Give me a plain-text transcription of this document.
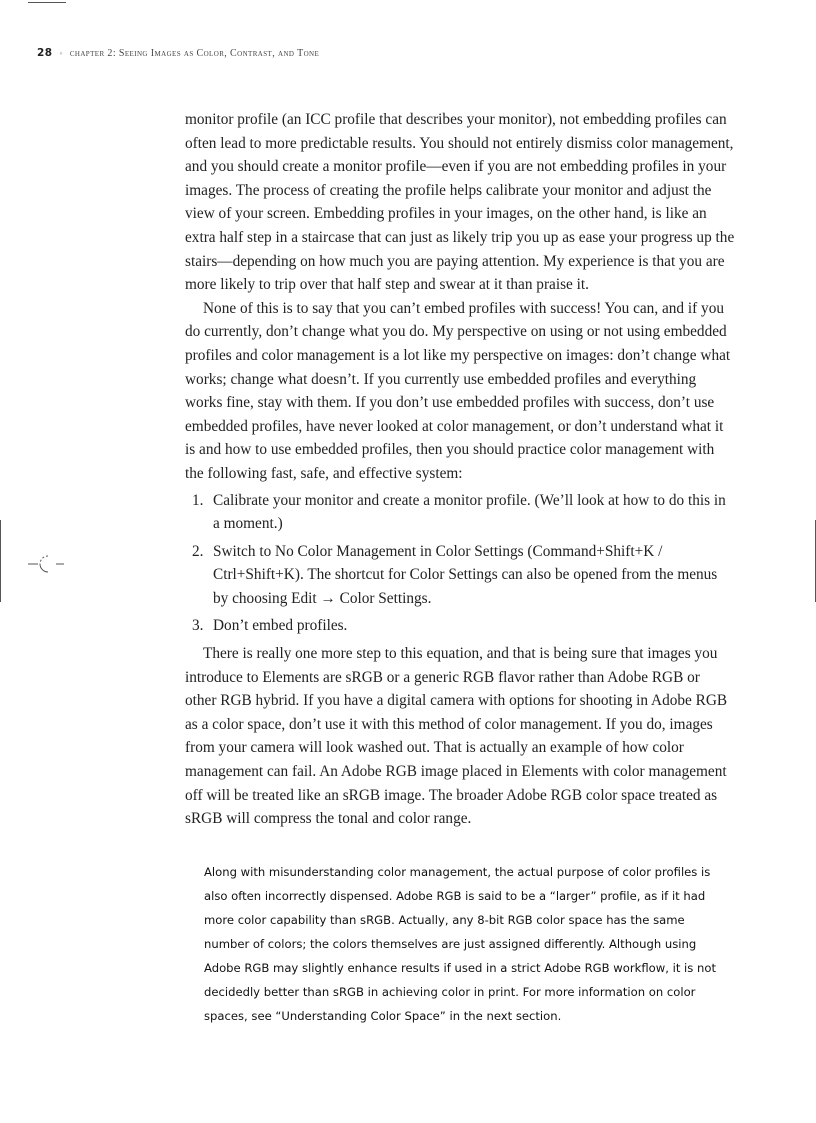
28 ◦ chapter 2: Seeing Images as Color, Contrast, and Tone

monitor profile (an ICC profile that describes your monitor), not embedding profiles can often lead to more predictable results. You should not entirely dismiss color management, and you should create a monitor profile—even if you are not embedding profiles in your images. The process of creating the profile helps calibrate your monitor and adjust the view of your screen. Embedding profiles in your images, on the other hand, is like an extra half step in a staircase that can just as likely trip you up as ease your progress up the stairs—depending on how much you are paying attention. My experience is that you are more likely to trip over that half step and swear at it than praise it.

None of this is to say that you can’t embed profiles with success! You can, and if you do currently, don’t change what you do. My perspective on using or not using embedded profiles and color management is a lot like my perspective on images: don’t change what works; change what doesn’t. If you currently use embedded profiles and everything works fine, stay with them. If you don’t use embedded profiles with success, don’t use embedded profiles, have never looked at color management, or don’t understand what it is and how to use embedded profiles, then you should practice color management with the following fast, safe, and effective system:

1. Calibrate your monitor and create a monitor profile. (We’ll look at how to do this in a moment.)
2. Switch to No Color Management in Color Settings (Command+Shift+K / Ctrl+Shift+K). The shortcut for Color Settings can also be opened from the menus by choosing Edit → Color Settings.
3. Don’t embed profiles.

There is really one more step to this equation, and that is being sure that images you introduce to Elements are sRGB or a generic RGB flavor rather than Adobe RGB or other RGB hybrid. If you have a digital camera with options for shooting in Adobe RGB as a color space, don’t use it with this method of color management. If you do, images from your camera will look washed out. That is actually an example of how color management can fail. An Adobe RGB image placed in Elements with color management off will be treated like an sRGB image. The broader Adobe RGB color space treated as sRGB will compress the tonal and color range.

Along with misunderstanding color management, the actual purpose of color profiles is also often incorrectly dispensed. Adobe RGB is said to be a “larger” profile, as if it had more color capability than sRGB. Actually, any 8-bit RGB color space has the same number of colors; the colors themselves are just assigned differently. Although using Adobe RGB may slightly enhance results if used in a strict Adobe RGB workflow, it is not decidedly better than sRGB in achieving color in print. For more information on color spaces, see “Understanding Color Space” in the next section.
